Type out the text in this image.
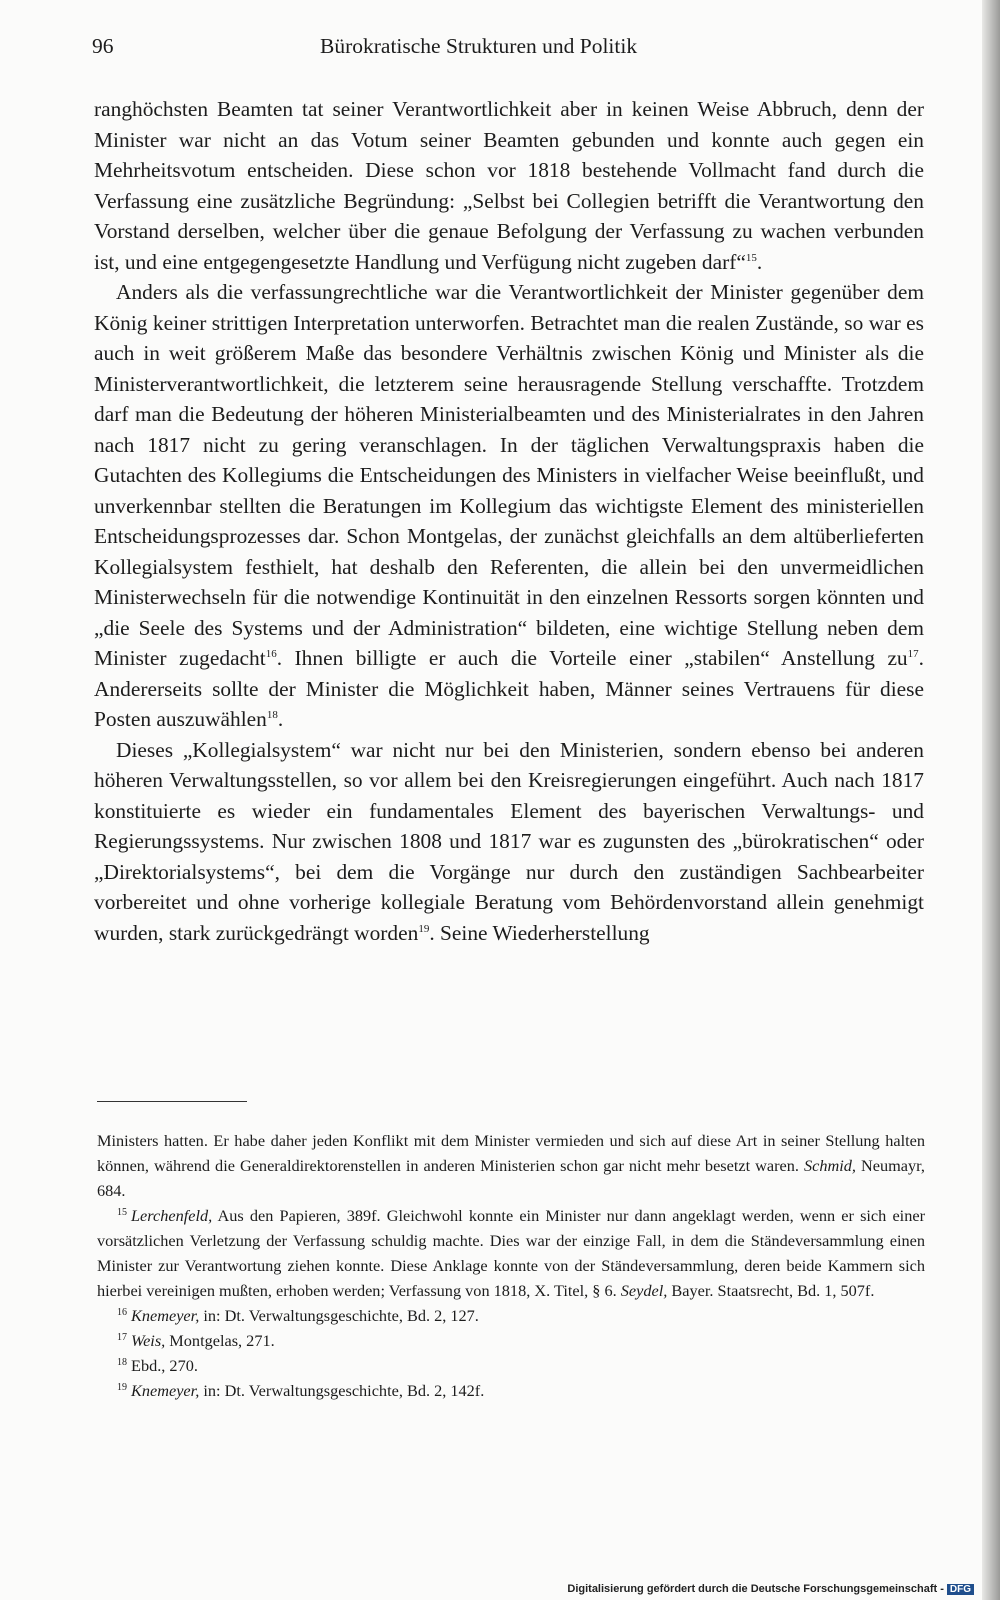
96	Bürokratische Strukturen und Politik

ranghöchsten Beamten tat seiner Verantwortlichkeit aber in keinen Weise Abbruch, denn der Minister war nicht an das Votum seiner Beamten gebunden und konnte auch gegen ein Mehrheitsvotum entscheiden. Diese schon vor 1818 bestehende Vollmacht fand durch die Verfassung eine zusätzliche Begründung: „Selbst bei Collegien betrifft die Verantwortung den Vorstand derselben, welcher über die genaue Befolgung der Verfassung zu wachen verbunden ist, und eine entgegengesetzte Handlung und Verfügung nicht zugeben darf“$^{15}$.

Anders als die verfassungrechtliche war die Verantwortlichkeit der Minister gegenüber dem König keiner strittigen Interpretation unterworfen. Betrachtet man die realen Zustände, so war es auch in weit größerem Maße das besondere Verhältnis zwischen König und Minister als die Ministerverantwortlichkeit, die letzterem seine herausragende Stellung verschaffte. Trotzdem darf man die Bedeutung der höheren Ministerialbeamten und des Ministerialrates in den Jahren nach 1817 nicht zu gering veranschlagen. In der täglichen Verwaltungspraxis haben die Gutachten des Kollegiums die Entscheidungen des Ministers in vielfacher Weise beeinflußt, und unverkennbar stellten die Beratungen im Kollegium das wichtigste Element des ministeriellen Entscheidungsprozesses dar. Schon Montgelas, der zunächst gleichfalls an dem altüberlieferten Kollegialsystem festhielt, hat deshalb den Referenten, die allein bei den unvermeidlichen Ministerwechseln für die notwendige Kontinuität in den einzelnen Ressorts sorgen könnten und „die Seele des Systems und der Administration“ bildeten, eine wichtige Stellung neben dem Minister zugedacht$^{16}$. Ihnen billigte er auch die Vorteile einer „stabilen“ Anstellung zu$^{17}$. Andererseits sollte der Minister die Möglichkeit haben, Männer seines Vertrauens für diese Posten auszuwählen$^{18}$.

Dieses „Kollegialsystem“ war nicht nur bei den Ministerien, sondern ebenso bei anderen höheren Verwaltungsstellen, so vor allem bei den Kreisregierungen eingeführt. Auch nach 1817 konstituierte es wieder ein fundamentales Element des bayerischen Verwaltungs- und Regierungssystems. Nur zwischen 1808 und 1817 war es zugunsten des „bürokratischen“ oder „Direktorialsystems“, bei dem die Vorgänge nur durch den zuständigen Sachbearbeiter vorbereitet und ohne vorherige kollegiale Beratung vom Behördenvorstand allein genehmigt wurden, stark zurückgedrängt worden$^{19}$. Seine Wiederherstellung

Ministers hatten. Er habe daher jeden Konflikt mit dem Minister vermieden und sich auf diese Art in seiner Stellung halten können, während die Generaldirektorenstellen in anderen Ministerien schon gar nicht mehr besetzt waren. Schmid, Neumayr, 684.

$^{15}$ Lerchenfeld, Aus den Papieren, 389f. Gleichwohl konnte ein Minister nur dann angeklagt werden, wenn er sich einer vorsätzlichen Verletzung der Verfassung schuldig machte. Dies war der einzige Fall, in dem die Ständeversammlung einen Minister zur Verantwortung ziehen konnte. Diese Anklage konnte von der Ständeversammlung, deren beide Kammern sich hierbei vereinigen mußten, erhoben werden; Verfassung von 1818, X. Titel, § 6. Seydel, Bayer. Staatsrecht, Bd. 1, 507f.

$^{16}$ Knemeyer, in: Dt. Verwaltungsgeschichte, Bd. 2, 127.

$^{17}$ Weis, Montgelas, 271.

$^{18}$ Ebd., 270.

$^{19}$ Knemeyer, in: Dt. Verwaltungsgeschichte, Bd. 2, 142f.

Digitalisierung gefördert durch die Deutsche Forschungsgemeinschaft - DFG
